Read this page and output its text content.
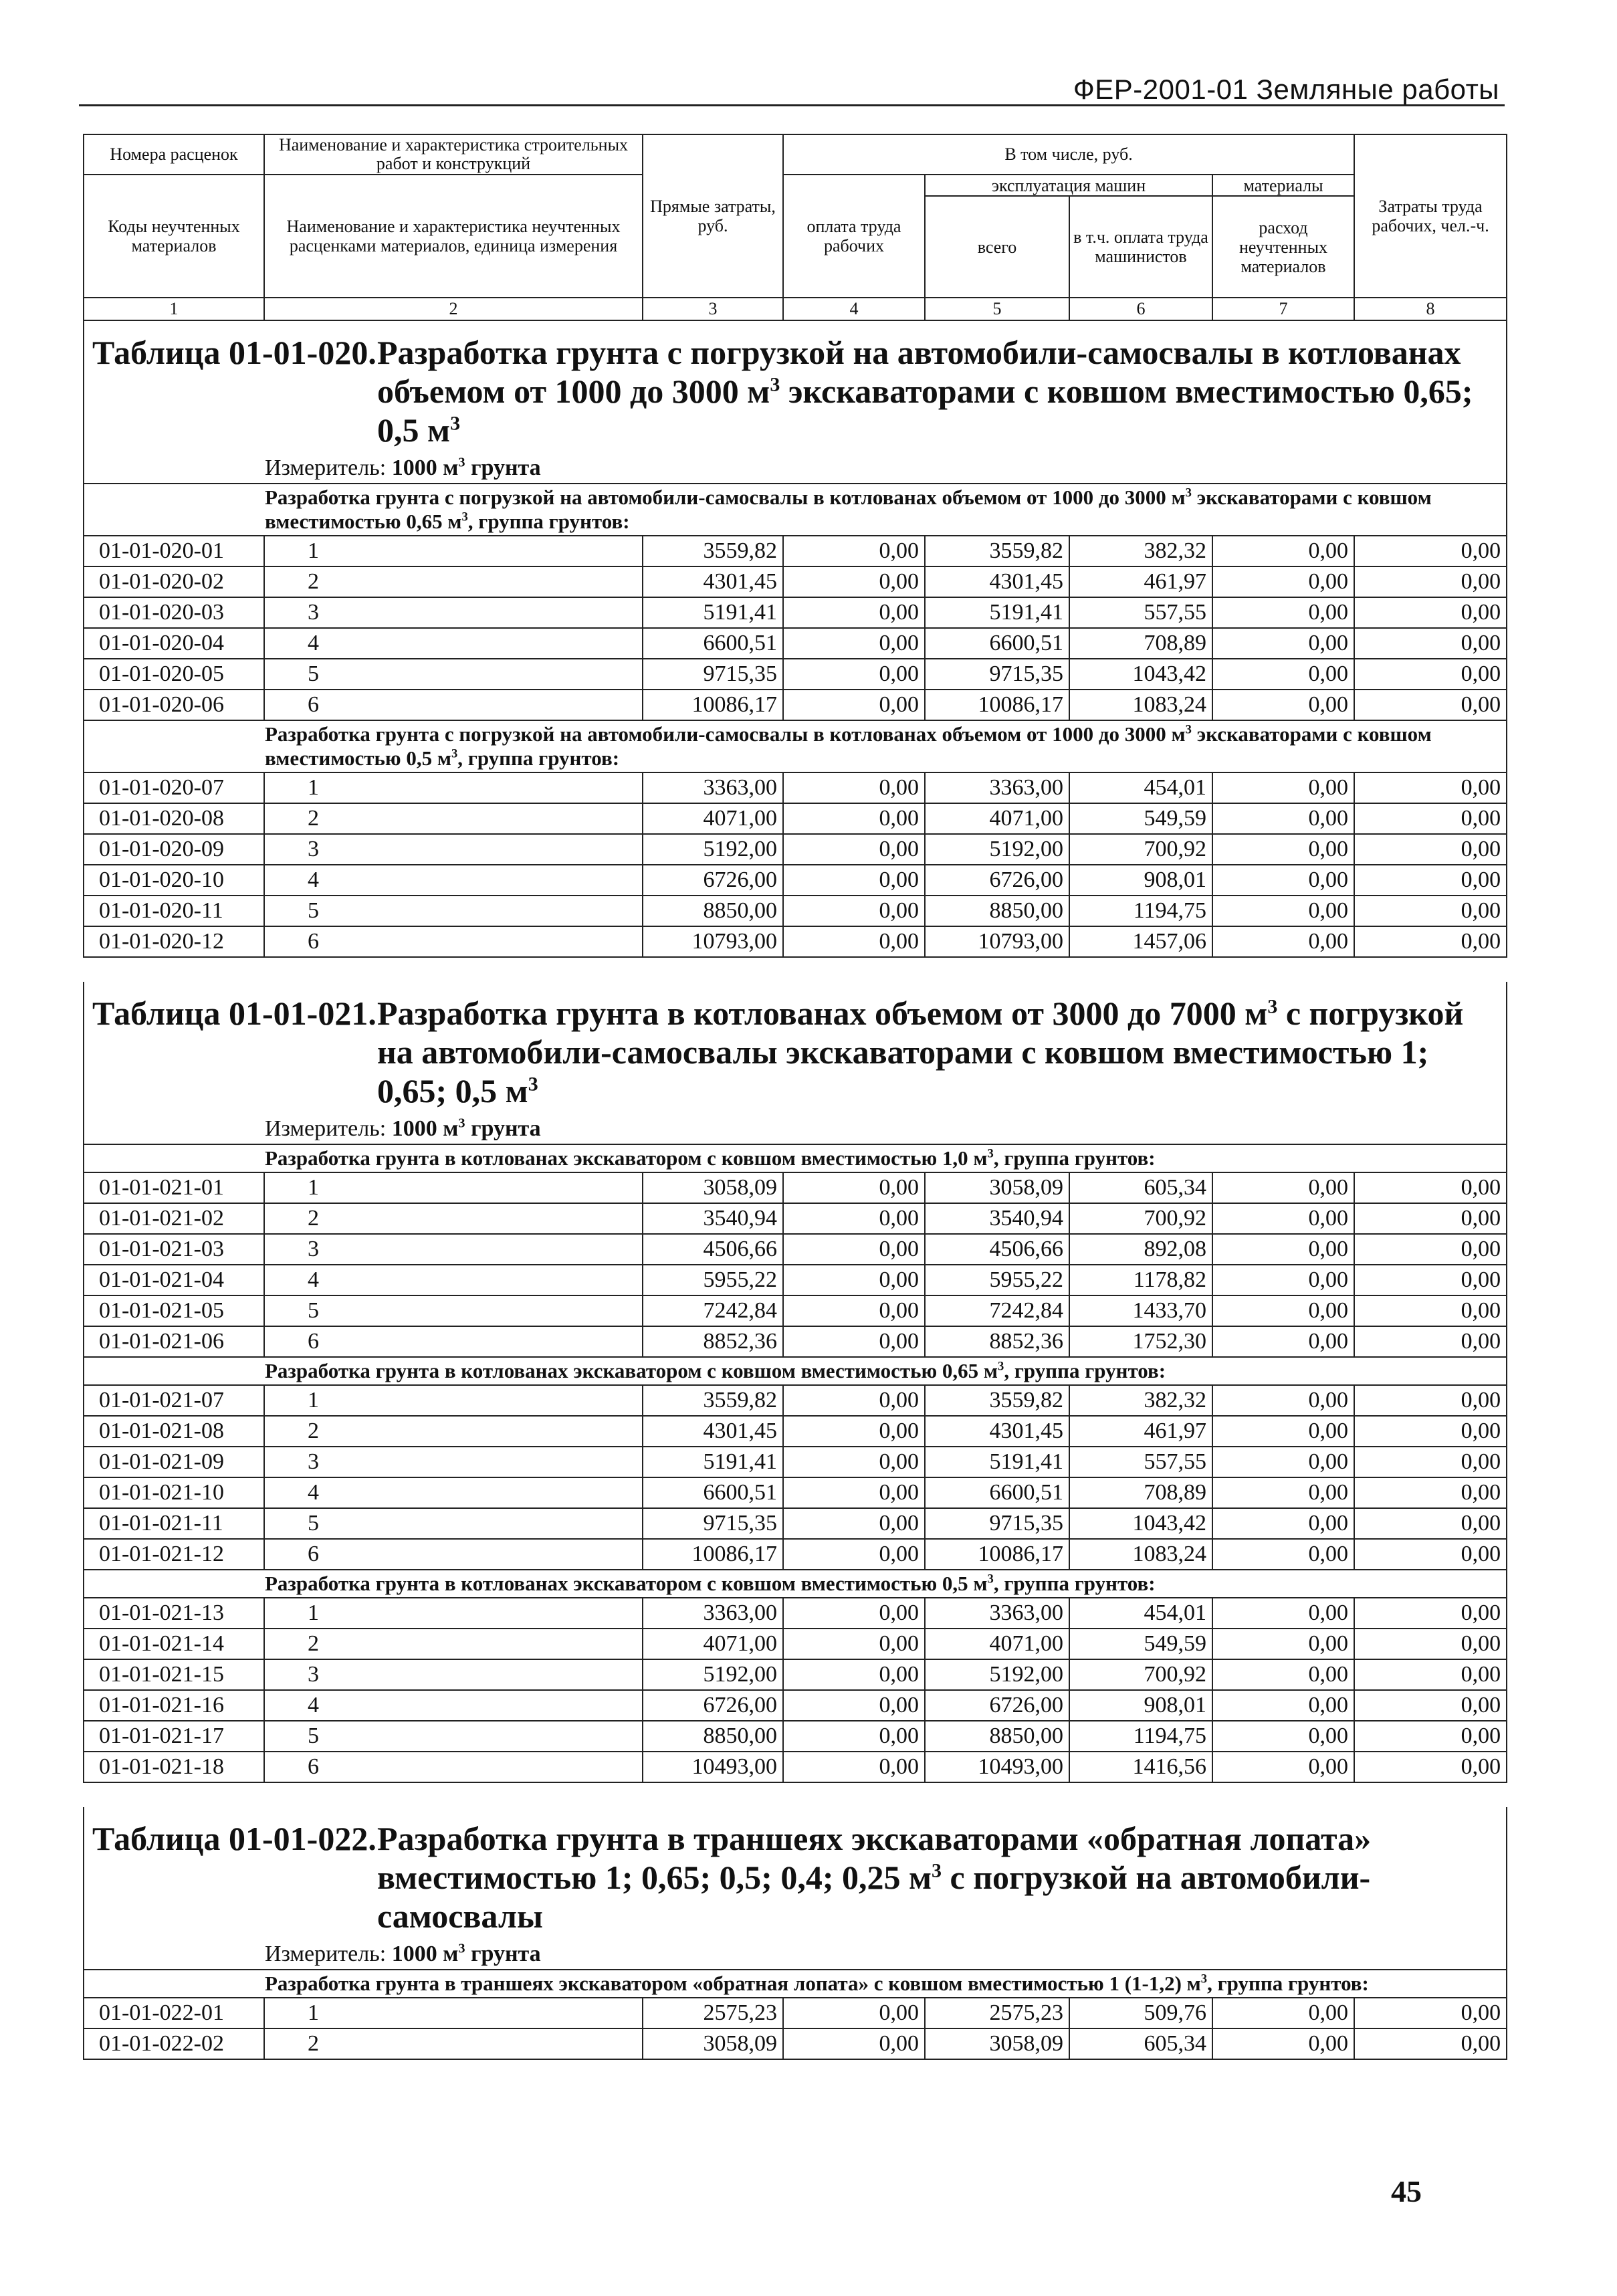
ФЕР-2001-01 Земляные работы
Номера расценок	Наименование и характеристика строительных работ и конструкций	Прямые затраты, руб.	В том числе, руб.				Затраты труда рабочих, чел.-ч.
Коды неучтенных материалов	Наименование и характеристика неучтенных расценками материалов, единица измерения		оплата труда рабочих	эксплуатация машин		материалы	
				всего	в т.ч. оплата труда машинистов	расход неучтенных материалов	

1	2	3	4	5	6	7	8
Таблица 01-01-020.Разработка грунта с погрузкой на автомобили-самосвалы в котлованах
объемом от 1000 до 3000 $м^3$ экскаваторами с ковшом вместимостью 0,65; 0,5 $м^3$

Измеритель: 1000 $м^3$ грунта							

Разработка грунта с погрузкой на автомобили-самосвалы в котлованах объемом от 1000 до 3000 $м^3$ экскаваторами с ковшом вместимостью 0,65 $м^3$, группа грунтов:							
01-01-020-01	1	3559,82	0,00	3559,82	382,32	0,00	0,00
01-01-020-02	2	4301,45	0,00	4301,45	461,97	0,00	0,00
01-01-020-03	3	5191,41	0,00	5191,41	557,55	0,00	0,00
01-01-020-04	4	6600,51	0,00	6600,51	708,89	0,00	0,00
01-01-020-05	5	9715,35	0,00	9715,35	1043,42	0,00	0,00
01-01-020-06	6	10086,17	0,00	10086,17	1083,24	0,00	0,00
Разработка грунта с погрузкой на автомобили-самосвалы в котлованах объемом от 1000 до 3000 $м^3$ экскаваторами с ковшом вместимостью 0,5 $м^3$, группа грунтов:							
01-01-020-07	1	3363,00	0,00	3363,00	454,01	0,00	0,00
01-01-020-08	2	4071,00	0,00	4071,00	549,59	0,00	0,00
01-01-020-09	3	5192,00	0,00	5192,00	700,92	0,00	0,00
01-01-020-10	4	6726,00	0,00	6726,00	908,01	0,00	0,00
01-01-020-11	5	8850,00	0,00	8850,00	1194,75	0,00	0,00
01-01-020-12	6	10793,00	0,00	10793,00	1457,06	0,00	0,00

Таблица 01-01-021.Разработка грунта в котлованах объемом от 3000 до 7000 $м^3$ с погрузкой
на автомобили-самосвалы экскаваторами с ковшом вместимостью 1; 0,65; 0,5 $м^3$

Измеритель: 1000 $м^3$ грунта							

Разработка грунта в котлованах экскаватором с ковшом вместимостью 1,0 $м^3$, группа грунтов:							
01-01-021-01	1	3058,09	0,00	3058,09	605,34	0,00	0,00
01-01-021-02	2	3540,94	0,00	3540,94	700,92	0,00	0,00
01-01-021-03	3	4506,66	0,00	4506,66	892,08	0,00	0,00
01-01-021-04	4	5955,22	0,00	5955,22	1178,82	0,00	0,00
01-01-021-05	5	7242,84	0,00	7242,84	1433,70	0,00	0,00
01-01-021-06	6	8852,36	0,00	8852,36	1752,30	0,00	0,00
Разработка грунта в котлованах экскаватором с ковшом вместимостью 0,65 $м^3$, группа грунтов:							
01-01-021-07	1	3559,82	0,00	3559,82	382,32	0,00	0,00
01-01-021-08	2	4301,45	0,00	4301,45	461,97	0,00	0,00
01-01-021-09	3	5191,41	0,00	5191,41	557,55	0,00	0,00
01-01-021-10	4	6600,51	0,00	6600,51	708,89	0,00	0,00
01-01-021-11	5	9715,35	0,00	9715,35	1043,42	0,00	0,00
01-01-021-12	6	10086,17	0,00	10086,17	1083,24	0,00	0,00
Разработка грунта в котлованах экскаватором с ковшом вместимостью 0,5 $м^3$, группа грунтов:							
01-01-021-13	1	3363,00	0,00	3363,00	454,01	0,00	0,00
01-01-021-14	2	4071,00	0,00	4071,00	549,59	0,00	0,00
01-01-021-15	3	5192,00	0,00	5192,00	700,92	0,00	0,00
01-01-021-16	4	6726,00	0,00	6726,00	908,01	0,00	0,00
01-01-021-17	5	8850,00	0,00	8850,00	1194,75	0,00	0,00
01-01-021-18	6	10493,00	0,00	10493,00	1416,56	0,00	0,00

Таблица 01-01-022.Разработка грунта в траншеях экскаваторами «обратная лопата»
вместимостью 1; 0,65; 0,5; 0,4; 0,25 $м^3$ с погрузкой на автомобили-самосвалы							

Измеритель: 1000 $м^3$ грунта							

Разработка грунта в траншеях экскаватором «обратная лопата» с ковшом вместимостью 1 (1-1,2) $м^3$, группа грунтов:							
01-01-022-01	1	2575,23	0,00	2575,23	509,76	0,00	0,00
01-01-022-02	2	3058,09	0,00	3058,09	605,34	0,00	0,00
45
